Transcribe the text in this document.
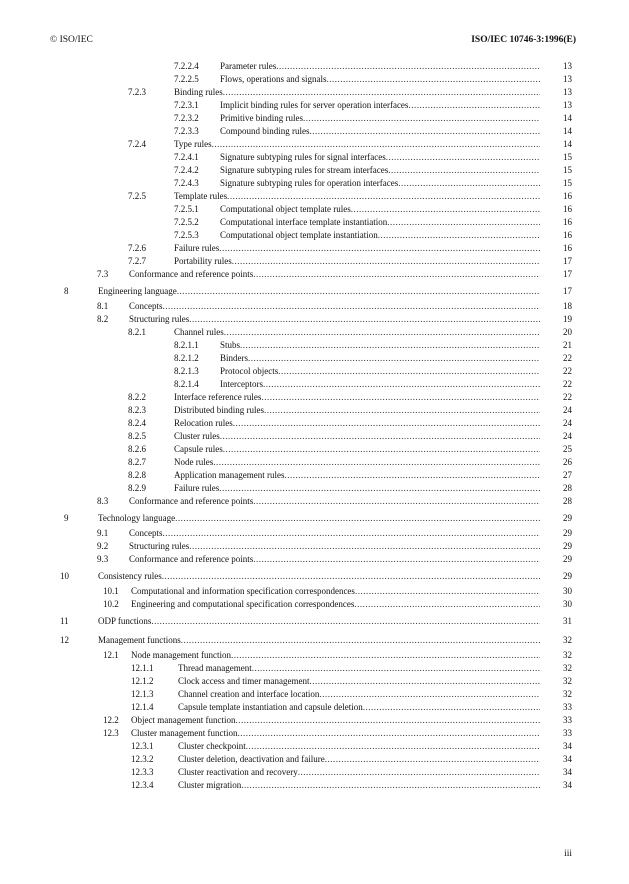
© ISO/IEC	ISO/IEC 10746-3:1996(E)
7.2.2.4 Parameter rules .....	13
7.2.2.5 Flows, operations and signals .....	13
7.2.3	Binding rules .....	13
7.2.3.1 Implicit binding rules for server operation interfaces .....	13
7.2.3.2 Primitive binding rules .....	14
7.2.3.3 Compound binding rules .....	14
7.2.4	Type rules .....	14
7.2.4.1 Signature subtyping rules for signal interfaces .....	15
7.2.4.2 Signature subtyping rules for stream interfaces .....	15
7.2.4.3 Signature subtyping rules for operation interfaces .....	15
7.2.5	Template rules .....	16
7.2.5.1 Computational object template rules .....	16
7.2.5.2 Computational interface template instantiation .....	16
7.2.5.3 Computational object template instantiation .....	16
7.2.6	Failure rules .....	16
7.2.7	Portability rules .....	17
7.3 Conformance and reference points .....	17
8	Engineering language .....	17
8.1 Concepts .....	18
8.2 Structuring rules .....	19
8.2.1	Channel rules .....	20
8.2.1.1 Stubs .....	21
8.2.1.2 Binders .....	22
8.2.1.3 Protocol objects .....	22
8.2.1.4 Interceptors .....	22
8.2.2	Interface reference rules .....	22
8.2.3	Distributed binding rules .....	24
8.2.4	Relocation rules .....	24
8.2.5	Cluster rules .....	24
8.2.6	Capsule rules .....	25
8.2.7	Node rules .....	26
8.2.8	Application management rules .....	27
8.2.9	Failure rules .....	28
8.3 Conformance and reference points .....	28
9	Technology language .....	29
9.1 Concepts .....	29
9.2 Structuring rules .....	29
9.3 Conformance and reference points .....	29
10	Consistency rules .....	29
10.1 Computational and information specification correspondences .....	30
10.2 Engineering and computational specification correspondences .....	30
11	ODP functions .....	31
12	Management functions .....	32
12.1 Node management function .....	32
12.1.1	Thread management .....	32
12.1.2	Clock access and timer management .....	32
12.1.3	Channel creation and interface location .....	32
12.1.4	Capsule template instantiation and capsule deletion .....	33
12.2 Object management function .....	33
12.3 Cluster management function .....	33
12.3.1	Cluster checkpoint .....	34
12.3.2	Cluster deletion, deactivation and failure .....	34
12.3.3	Cluster reactivation and recovery .....	34
12.3.4	Cluster migration .....	34
iii
